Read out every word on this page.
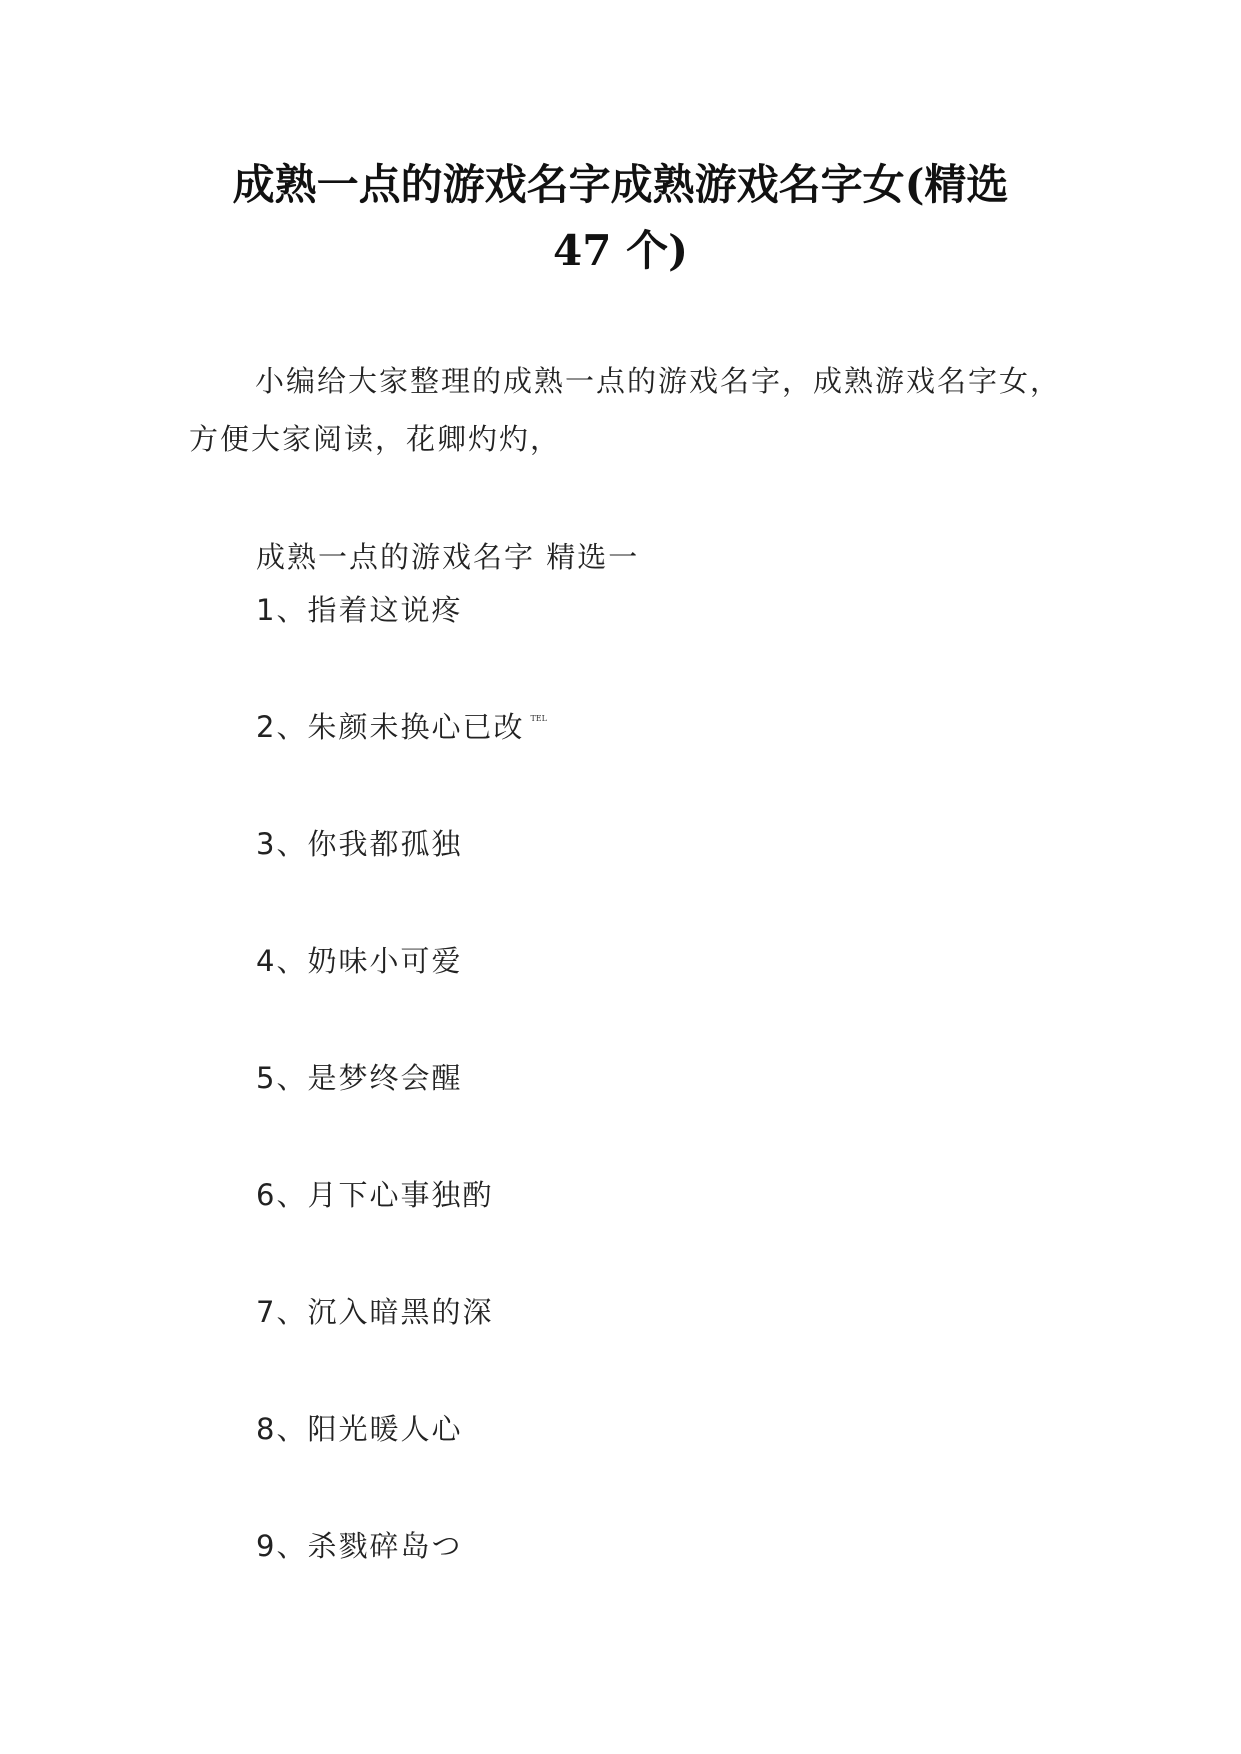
成熟一点的游戏名字成熟游戏名字女(精选
47 个)

小编给大家整理的成熟一点的游戏名字，成熟游戏名字女，方便大家阅读，花卿灼灼，

成熟一点的游戏名字 精选一

1、指着这说疼
2、朱颜未换心已改 $^{TEL}$
3、你我都孤独
4、奶味小可爱
5、是梦终会醒
6、月下心事独酌
7、沉入暗黑的深
8、阳光暖人心
9、杀戮碎岛つ
